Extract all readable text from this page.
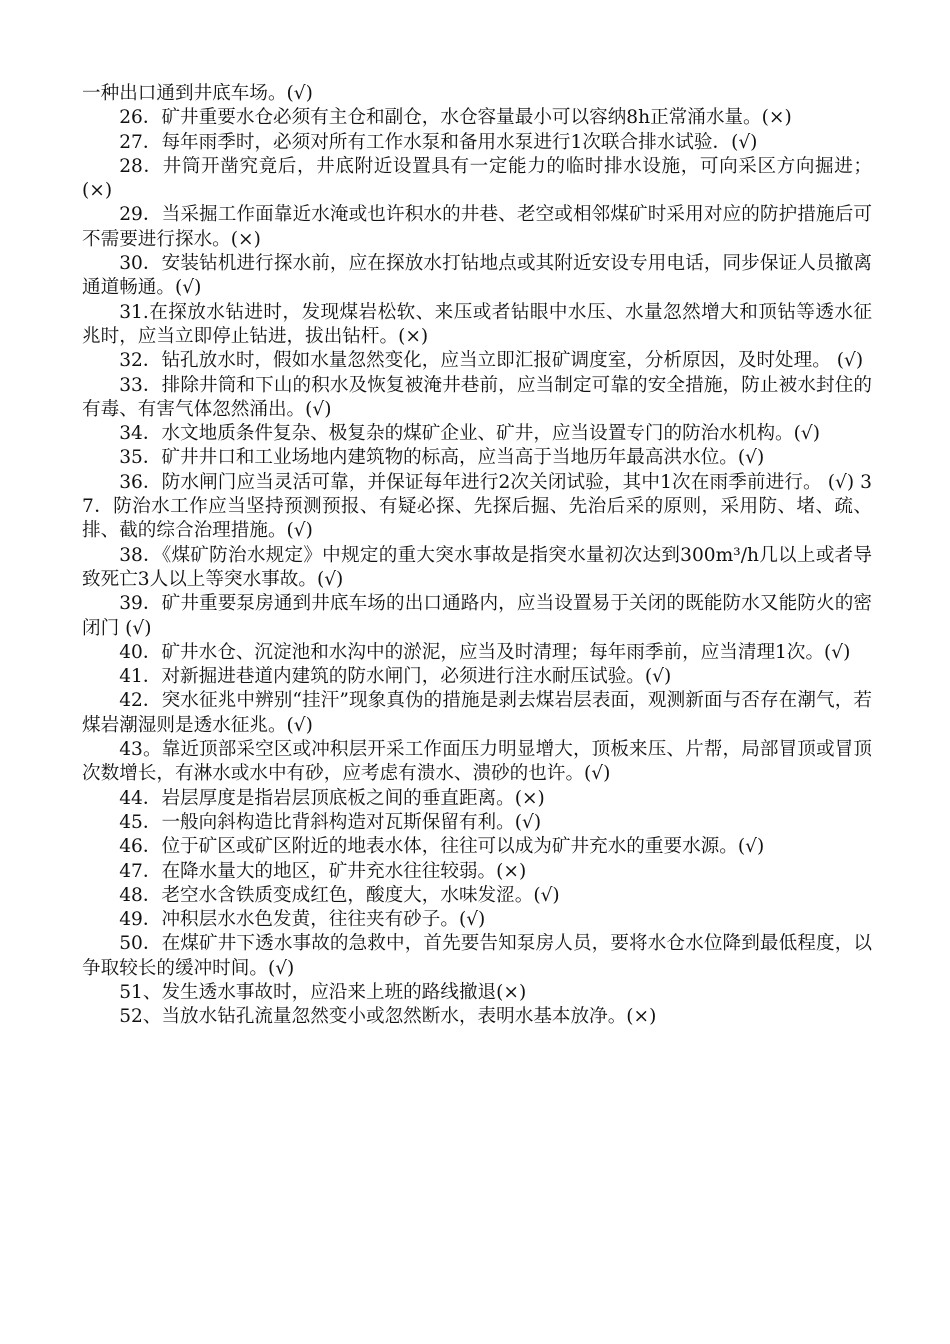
一种出口通到井底车场。(√)

26．矿井重要水仓必须有主仓和副仓，水仓容量最小可以容纳8h正常涌水量。(×)

27．每年雨季时，必须对所有工作水泵和备用水泵进行1次联合排水试验．(√)

28．井筒开凿究竟后，井底附近设置具有一定能力的临时排水设施，可向采区方向掘进；(×)

29．当采掘工作面靠近水淹或也许积水的井巷、老空或相邻煤矿时采用对应的防护措施后可不需要进行探水。(×)

30．安装钻机进行探水前，应在探放水打钻地点或其附近安设专用电话，同步保证人员撤离通道畅通。(√)

31.在探放水钻进时，发现煤岩松软、来压或者钻眼中水压、水量忽然增大和顶钻等透水征兆时，应当立即停止钻进，拔出钻杆。(×)

32．钻孔放水时，假如水量忽然变化，应当立即汇报矿调度室，分析原因，及时处理。 (√)

33．排除井筒和下山的积水及恢复被淹井巷前，应当制定可靠的安全措施，防止被水封住的有毒、有害气体忽然涌出。(√)

34．水文地质条件复杂、极复杂的煤矿企业、矿井，应当设置专门的防治水机构。(√)

35．矿井井口和工业场地内建筑物的标高，应当高于当地历年最高洪水位。(√)

36．防水闸门应当灵活可靠，并保证每年进行2次关闭试验，其中1次在雨季前进行。 (√) 37．防治水工作应当坚持预测预报、有疑必探、先探后掘、先治后采的原则，采用防、堵、疏、排、截的综合治理措施。(√)

38．《煤矿防治水规定》中规定的重大突水事故是指突水量初次达到300m³/h几以上或者导致死亡3人以上等突水事故。(√)

39．矿井重要泵房通到井底车场的出口通路内，应当设置易于关闭的既能防水又能防火的密闭门 (√)

40．矿井水仓、沉淀池和水沟中的淤泥，应当及时清理；每年雨季前，应当清理1次。(√)

41．对新掘进巷道内建筑的防水闸门，必须进行注水耐压试验。(√)

42．突水征兆中辨别“挂汗”现象真伪的措施是剥去煤岩层表面，观测新面与否存在潮气，若煤岩潮湿则是透水征兆。(√)

43。靠近顶部采空区或冲积层开采工作面压力明显增大，顶板来压、片帮，局部冒顶或冒顶次数增长，有淋水或水中有砂，应考虑有溃水、溃砂的也许。(√)

44．岩层厚度是指岩层顶底板之间的垂直距离。(×)

45．一般向斜构造比背斜构造对瓦斯保留有利。(√)

46．位于矿区或矿区附近的地表水体，往往可以成为矿井充水的重要水源。(√)

47．在降水量大的地区，矿井充水往往较弱。(×)

48．老空水含铁质变成红色，酸度大，水味发涩。(√)

49．冲积层水水色发黄，往往夹有砂子。(√)

50．在煤矿井下透水事故的急救中，首先要告知泵房人员，要将水仓水位降到最低程度，以争取较长的缓冲时间。(√)

51、发生透水事故时，应沿来上班的路线撤退(×)

52、当放水钻孔流量忽然变小或忽然断水，表明水基本放净。(×)
